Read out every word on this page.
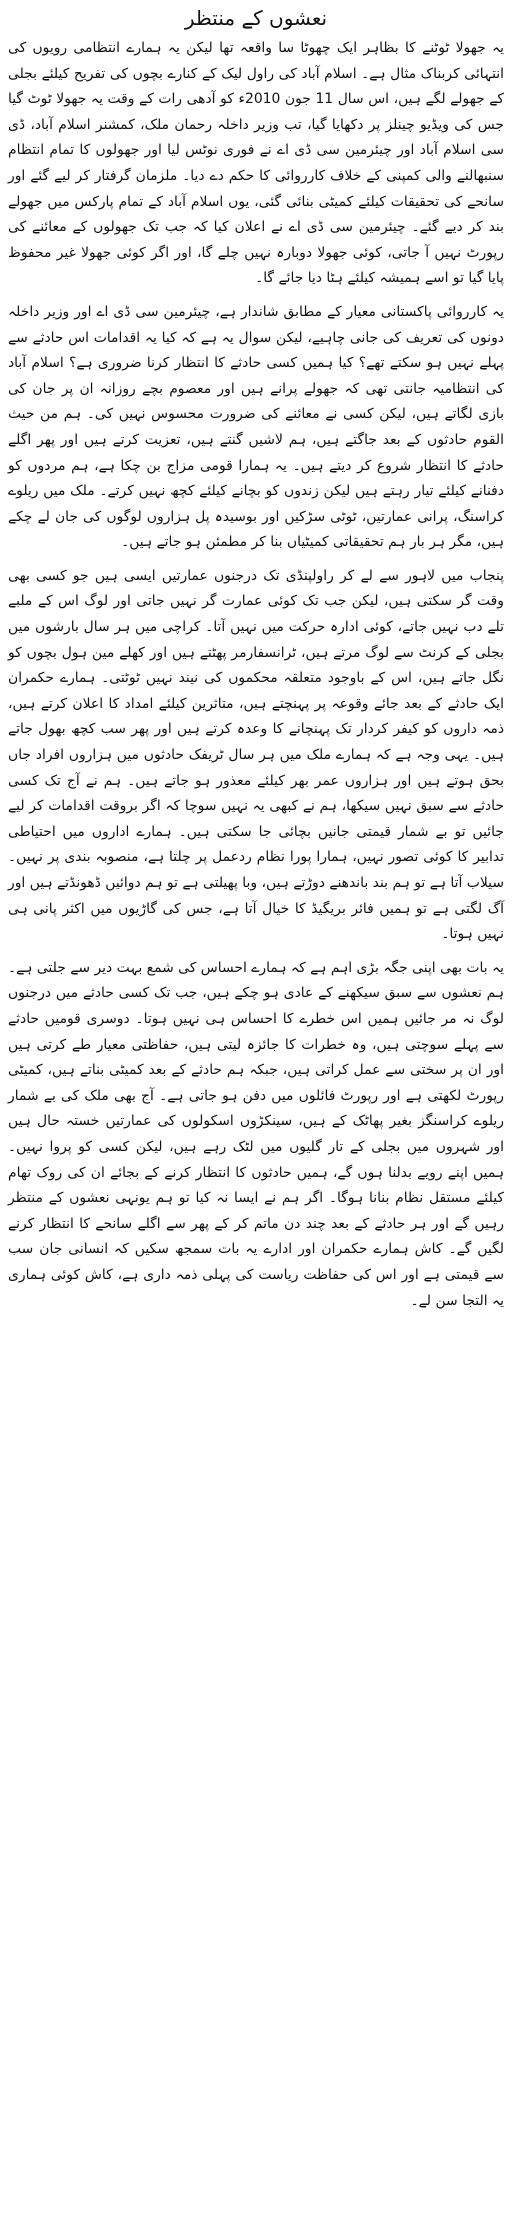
نعشوں کے منتظر

یہ جھولا ٹوٹنے کا بظاہر ایک چھوٹا سا واقعہ تھا لیکن یہ ہمارے انتظامی رویوں کی انتہائی کربناک مثال ہے۔ اسلام آباد کی راول لیک کے کنارے بچوں کی تفریح کیلئے بجلی کے جھولے لگے ہیں، اس سال 11 جون 2010ء کو آدھی رات کے وقت یہ جھولا ٹوٹ گیا جس کی ویڈیو چینلز پر دکھایا گیا، تب وزیر داخلہ رحمان ملک، کمشنر اسلام آباد، ڈی سی اسلام آباد اور چیئرمین سی ڈی اے نے فوری نوٹس لیا اور جھولوں کا تمام انتظام سنبھالنے والی کمپنی کے خلاف کارروائی کا حکم دے دیا۔ ملزمان گرفتار کر لیے گئے اور سانحے کی تحقیقات کیلئے کمیٹی بنائی گئی، یوں اسلام آباد کے تمام پارکس میں جھولے بند کر دیے گئے۔ چیئرمین سی ڈی اے نے اعلان کیا کہ جب تک جھولوں کے معائنے کی رپورٹ نہیں آ جاتی، کوئی جھولا دوبارہ نہیں چلے گا، اور اگر کوئی جھولا غیر محفوظ پایا گیا تو اسے ہمیشہ کیلئے ہٹا دیا جائے گا۔

یہ کارروائی پاکستانی معیار کے مطابق شاندار ہے، چیئرمین سی ڈی اے اور وزیر داخلہ دونوں کی تعریف کی جانی چاہیے، لیکن سوال یہ ہے کہ کیا یہ اقدامات اس حادثے سے پہلے نہیں ہو سکتے تھے؟ کیا ہمیں کسی حادثے کا انتظار کرنا ضروری ہے؟ اسلام آباد کی انتظامیہ جانتی تھی کہ جھولے پرانے ہیں اور معصوم بچے روزانہ ان پر جان کی بازی لگاتے ہیں، لیکن کسی نے معائنے کی ضرورت محسوس نہیں کی۔ ہم من حیث القوم حادثوں کے بعد جاگتے ہیں، ہم لاشیں گنتے ہیں، تعزیت کرتے ہیں اور پھر اگلے حادثے کا انتظار شروع کر دیتے ہیں۔ یہ ہمارا قومی مزاج بن چکا ہے، ہم مردوں کو دفنانے کیلئے تیار رہتے ہیں لیکن زندوں کو بچانے کیلئے کچھ نہیں کرتے۔ ملک میں ریلوے کراسنگ، پرانی عمارتیں، ٹوٹی سڑکیں اور بوسیدہ پل ہزاروں لوگوں کی جان لے چکے ہیں، مگر ہر بار ہم تحقیقاتی کمیٹیاں بنا کر مطمئن ہو جاتے ہیں۔

پنجاب میں لاہور سے لے کر راولپنڈی تک درجنوں عمارتیں ایسی ہیں جو کسی بھی وقت گر سکتی ہیں، لیکن جب تک کوئی عمارت گر نہیں جاتی اور لوگ اس کے ملبے تلے دب نہیں جاتے، کوئی ادارہ حرکت میں نہیں آتا۔ کراچی میں ہر سال بارشوں میں بجلی کے کرنٹ سے لوگ مرتے ہیں، ٹرانسفارمر پھٹتے ہیں اور کھلے مین ہول بچوں کو نگل جاتے ہیں، اس کے باوجود متعلقہ محکموں کی نیند نہیں ٹوٹتی۔ ہمارے حکمران ایک حادثے کے بعد جائے وقوعہ پر پہنچتے ہیں، متاثرین کیلئے امداد کا اعلان کرتے ہیں، ذمہ داروں کو کیفر کردار تک پہنچانے کا وعدہ کرتے ہیں اور پھر سب کچھ بھول جاتے ہیں۔ یہی وجہ ہے کہ ہمارے ملک میں ہر سال ٹریفک حادثوں میں ہزاروں افراد جاں بحق ہوتے ہیں اور ہزاروں عمر بھر کیلئے معذور ہو جاتے ہیں۔ ہم نے آج تک کسی حادثے سے سبق نہیں سیکھا، ہم نے کبھی یہ نہیں سوچا کہ اگر بروقت اقدامات کر لیے جائیں تو بے شمار قیمتی جانیں بچائی جا سکتی ہیں۔ ہمارے اداروں میں احتیاطی تدابیر کا کوئی تصور نہیں، ہمارا پورا نظام ردعمل پر چلتا ہے، منصوبہ بندی پر نہیں۔ سیلاب آتا ہے تو ہم بند باندھنے دوڑتے ہیں، وبا پھیلتی ہے تو ہم دوائیں ڈھونڈتے ہیں اور آگ لگتی ہے تو ہمیں فائر بریگیڈ کا خیال آتا ہے، جس کی گاڑیوں میں اکثر پانی ہی نہیں ہوتا۔

یہ بات بھی اپنی جگہ بڑی اہم ہے کہ ہمارے احساس کی شمع بہت دیر سے جلتی ہے۔ ہم نعشوں سے سبق سیکھنے کے عادی ہو چکے ہیں، جب تک کسی حادثے میں درجنوں لوگ نہ مر جائیں ہمیں اس خطرے کا احساس ہی نہیں ہوتا۔ دوسری قومیں حادثے سے پہلے سوچتی ہیں، وہ خطرات کا جائزہ لیتی ہیں، حفاظتی معیار طے کرتی ہیں اور ان پر سختی سے عمل کراتی ہیں، جبکہ ہم حادثے کے بعد کمیٹی بناتے ہیں، کمیٹی رپورٹ لکھتی ہے اور رپورٹ فائلوں میں دفن ہو جاتی ہے۔ آج بھی ملک کی بے شمار ریلوے کراسنگز بغیر پھاٹک کے ہیں، سینکڑوں اسکولوں کی عمارتیں خستہ حال ہیں اور شہروں میں بجلی کے تار گلیوں میں لٹک رہے ہیں، لیکن کسی کو پروا نہیں۔ ہمیں اپنے رویے بدلنا ہوں گے، ہمیں حادثوں کا انتظار کرنے کے بجائے ان کی روک تھام کیلئے مستقل نظام بنانا ہوگا۔ اگر ہم نے ایسا نہ کیا تو ہم یونہی نعشوں کے منتظر رہیں گے اور ہر حادثے کے بعد چند دن ماتم کر کے پھر سے اگلے سانحے کا انتظار کرنے لگیں گے۔ کاش ہمارے حکمران اور ادارے یہ بات سمجھ سکیں کہ انسانی جان سب سے قیمتی ہے اور اس کی حفاظت ریاست کی پہلی ذمہ داری ہے، کاش کوئی ہماری یہ التجا سن لے۔
